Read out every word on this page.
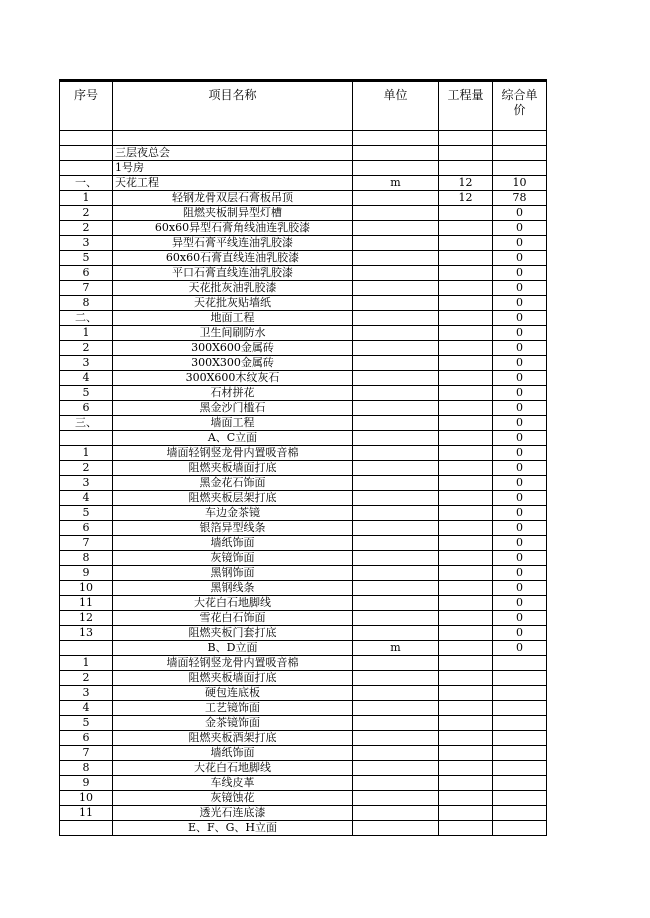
序号	项目名称	单位	工程量	综合单
价

	三层夜总会			
	1号房			
一、	天花工程	m	12	10
1	轻钢龙骨双层石膏板吊顶		12	78
2	阻燃夹板制异型灯槽			0
2	60x60异型石膏角线油连乳胶漆			0
3	异型石膏平线连油乳胶漆			0
5	60x60石膏直线连油乳胶漆			0
6	平口石膏直线连油乳胶漆			0
7	天花批灰油乳胶漆			0
8	天花批灰贴墙纸			0
二、	地面工程			0
1	卫生间刷防水			0
2	300X600金属砖			0
3	300X300金属砖			0
4	300X600木纹灰石			0
5	石材拼花			0
6	黑金沙门槛石			0
三、	墙面工程			0
	A、C立面			0
1	墙面轻钢竖龙骨内置吸音棉			0
2	阻燃夹板墙面打底			0
3	黑金花石饰面			0
4	阻燃夹板层架打底			0
5	车边金茶镜			0
6	银箔异型线条			0
7	墙纸饰面			0
8	灰镜饰面			0
9	黑钢饰面			0
10	黑钢线条			0
11	大花白石地脚线			0
12	雪花白石饰面			0
13	阻燃夹板门套打底			0
	B、D立面	m		0
1	墙面轻钢竖龙骨内置吸音棉			
2	阻燃夹板墙面打底			
3	硬包连底板			
4	工艺镜饰面			
5	金茶镜饰面			
6	阻燃夹板酒架打底			
7	墙纸饰面			
8	大花白石地脚线			
9	车线皮革			
10	灰镜蚀花			
11	透光石连底漆			
	E、F、G、H立面			
